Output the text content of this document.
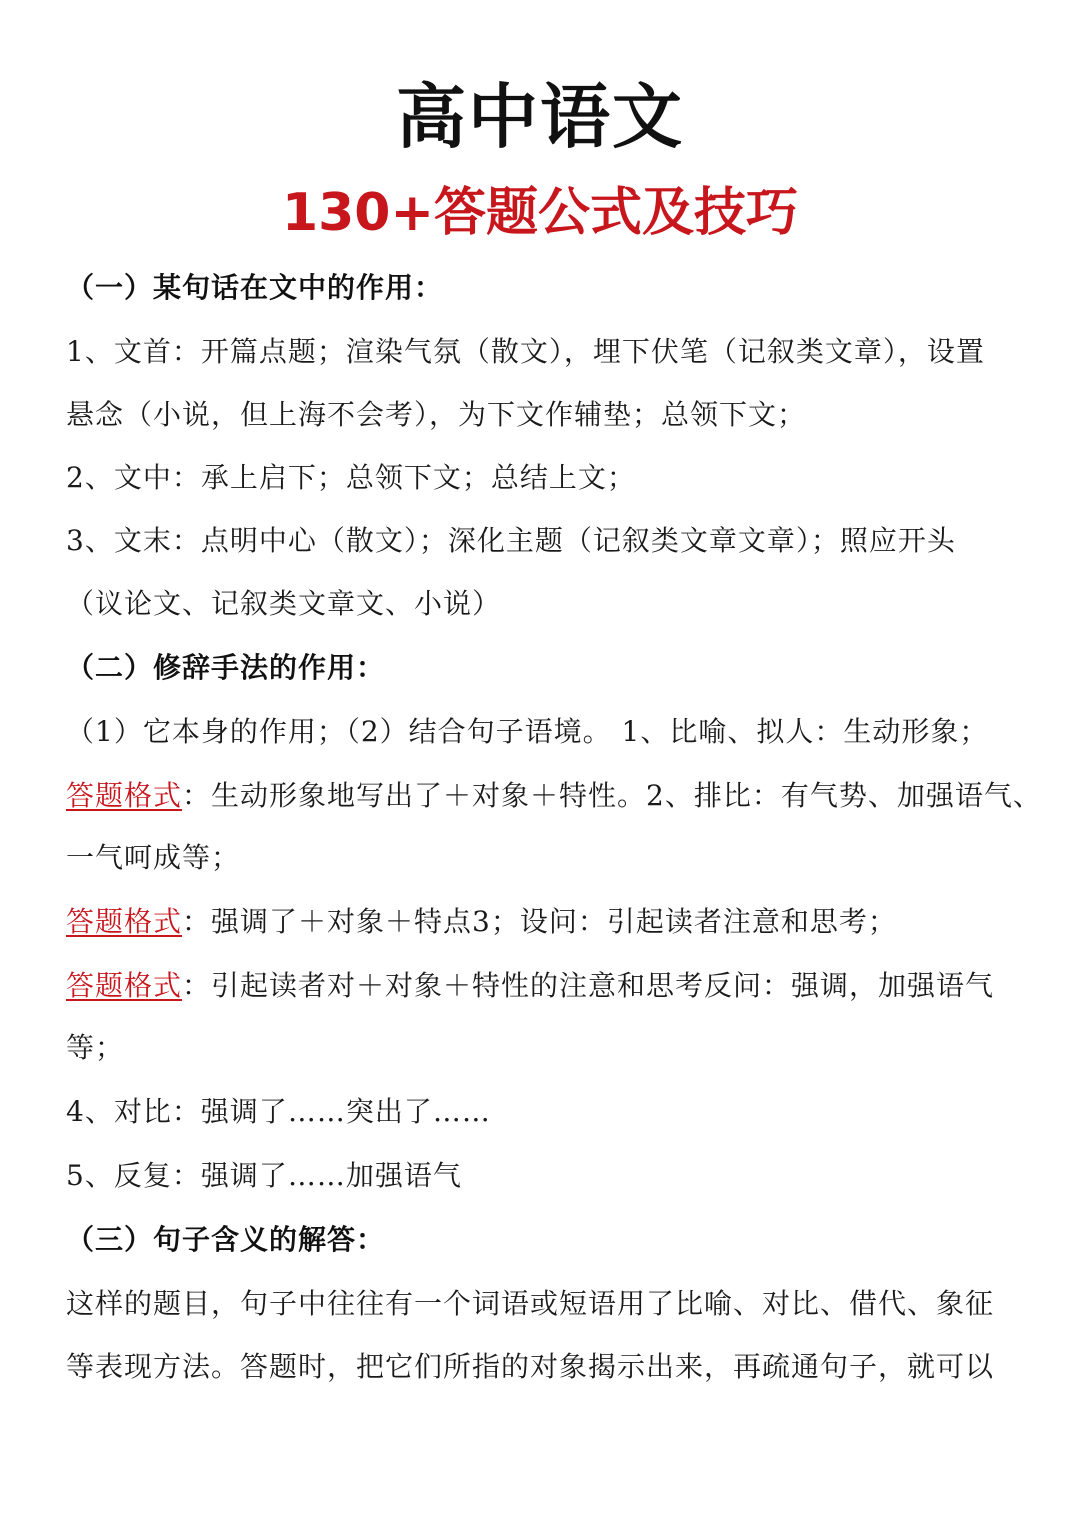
高中语文
130+答题公式及技巧
（一）某句话在文中的作用：
1、文首：开篇点题；渲染气氛（散文），埋下伏笔（记叙类文章），设置
悬念（小说，但上海不会考），为下文作辅垫；总领下文；
2、文中：承上启下；总领下文；总结上文；
3、文末：点明中心（散文）；深化主题（记叙类文章文章）；照应开头
（议论文、记叙类文章文、小说）
（二）修辞手法的作用：
（1）它本身的作用；（2）结合句子语境。 1、比喻、拟人：生动形象；
答题格式：生动形象地写出了＋对象＋特性。2、排比：有气势、加强语气、
一气呵成等；
答题格式：强调了＋对象＋特点3；设问：引起读者注意和思考；
答题格式：引起读者对＋对象＋特性的注意和思考反问：强调，加强语气
等；
4、对比：强调了……突出了……
5、反复：强调了……加强语气
（三）句子含义的解答：
这样的题目，句子中往往有一个词语或短语用了比喻、对比、借代、象征
等表现方法。答题时，把它们所指的对象揭示出来，再疏通句子，就可以
